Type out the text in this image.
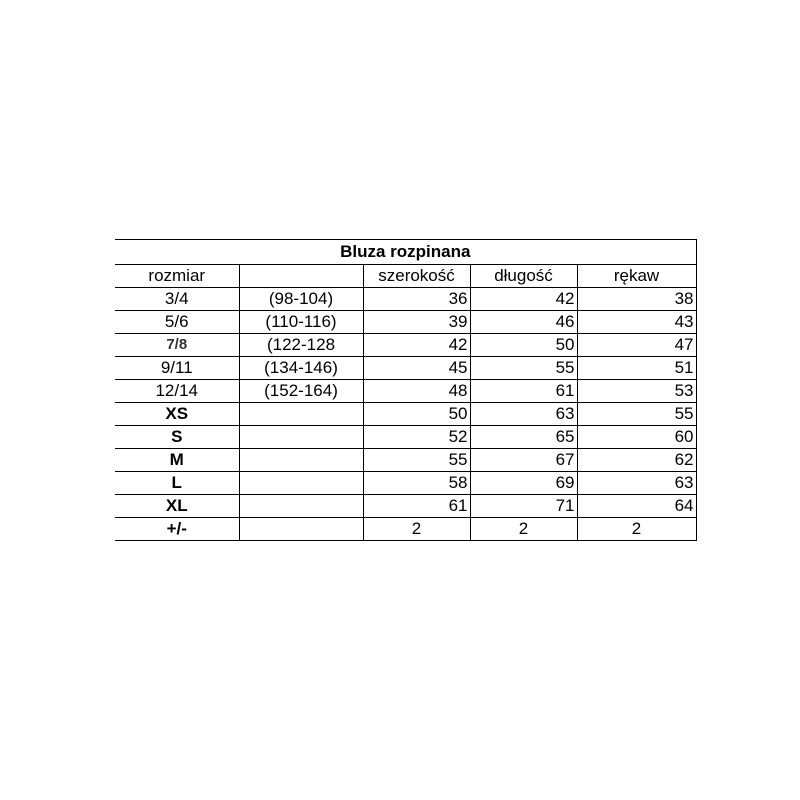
Bluza rozpinana				
rozmiar		szerokość	długość	rękaw
3/4	(98-104)	36	42	38
5/6	(110-116)	39	46	43
7/8	(122-128	42	50	47
9/11	(134-146)	45	55	51
12/14	(152-164)	48	61	53
XS		50	63	55
S		52	65	60
M		55	67	62
L		58	69	63
XL		61	71	64
+/-		2	2	2
